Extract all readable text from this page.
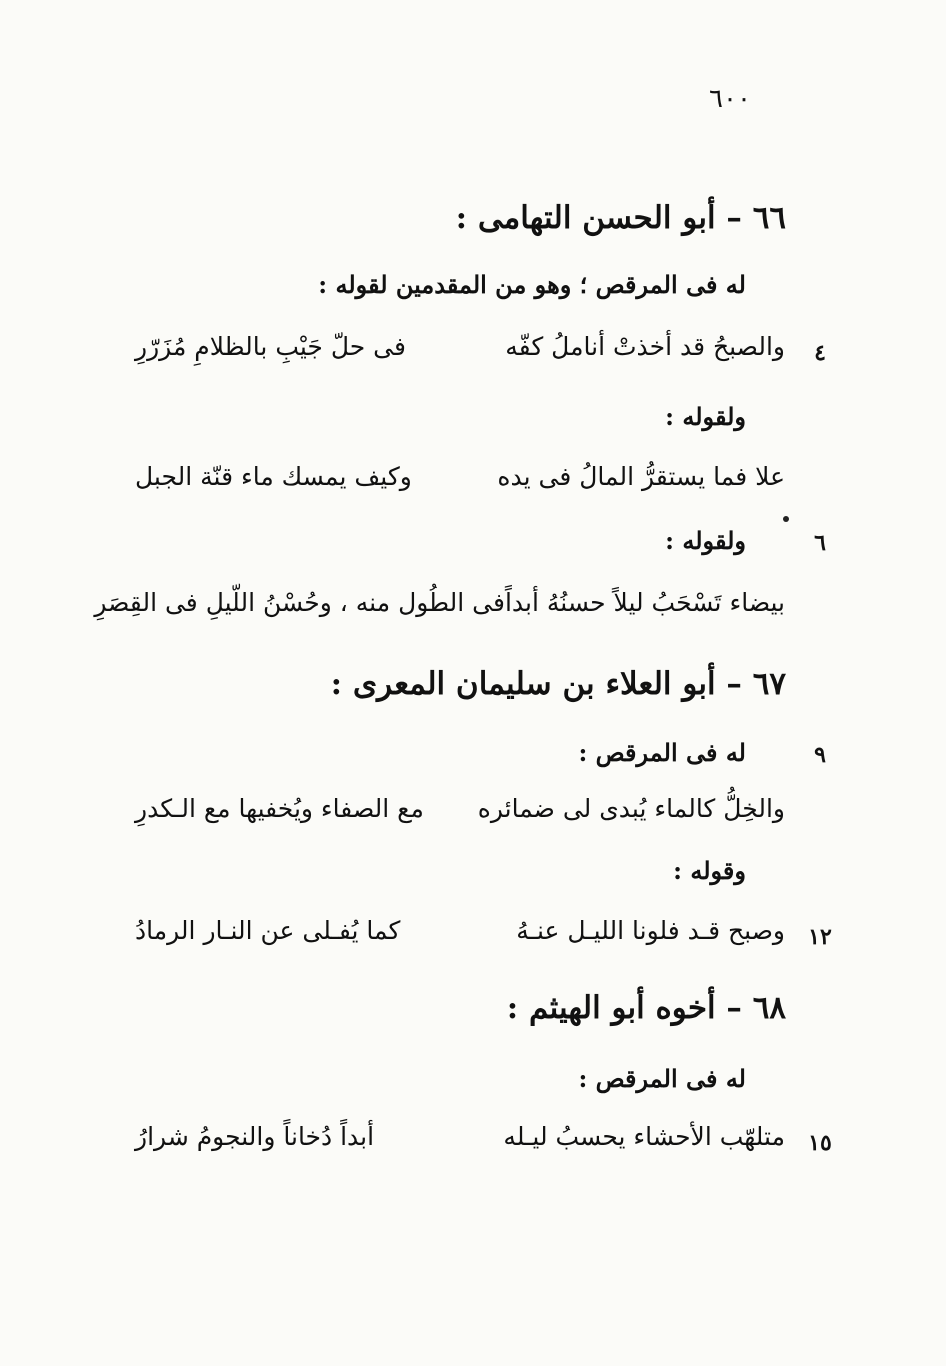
٦٠٠
٦٦ – أبو الحسن التهامى :
له فى المرقص ؛ وهو من المقدمين لقوله :
٤
والصبحُ قد أخذتْ أناملُ كفّه
فى حلّ جَيْبِ بالظلامِ مُزَرّرِ
ولقوله :
علا فما يستقرُّ المالُ فى يده
وكيف يمسك ماء قنّة الجبل
٦
ولقوله :
بيضاء تَسْحَبُ ليلاً حسنُهُ أبداً
فى الطُول منه ، وحُسْنُ اللّيلِ فى القِصَرِ
٦٧ – أبو العلاء بن سليمان المعرى :
٩
له فى المرقص :
والخِلُّ كالماء يُبدى لى ضمائره
مع الصفاء ويُخفيها مع الـكدرِ
وقوله :
١٢
وصبح قـد فلونا الليـل عنـهُ
كما يُفـلى عن النـار الرمادُ
٦٨ – أخوه أبو الهيثم :
له فى المرقص :
١٥
متلهّب الأحشاء يحسبُ ليـله
أبداً دُخاناً والنجومُ شرارُ
